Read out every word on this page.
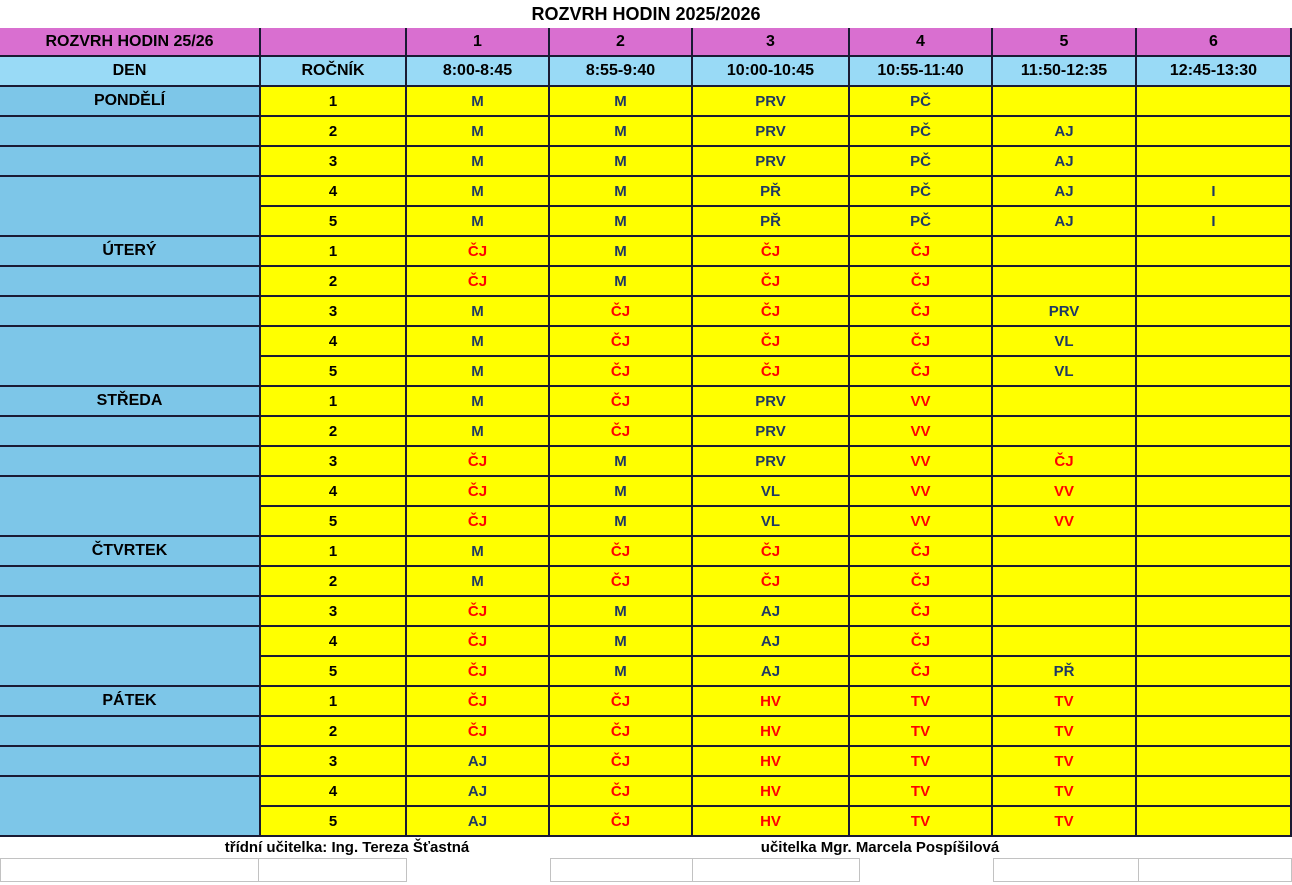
ROZVRH HODIN 2025/2026
ROZVRH HODIN 25/26	1	2	3	4	5	6
DEN	ROČNÍK	8:00-8:45	8:55-9:40	10:00-10:45	10:55-11:40	11:50-12:35	12:45-13:30
PONDĚLÍ	1	M	M	PRV	PČ
2	M	M	PRV	PČ	AJ
3	M	M	PRV	PČ	AJ
4	M	M	PŘ	PČ	AJ	I
5	M	M	PŘ	PČ	AJ	I
ÚTERÝ	1	ČJ	M	ČJ	ČJ
2	ČJ	M	ČJ	ČJ
3	M	ČJ	ČJ	ČJ	PRV
4	M	ČJ	ČJ	ČJ	VL
5	M	ČJ	ČJ	ČJ	VL
STŘEDA	1	M	ČJ	PRV	VV
2	M	ČJ	PRV	VV
3	ČJ	M	PRV	VV	ČJ
4	ČJ	M	VL	VV	VV
5	ČJ	M	VL	VV	VV
ČTVRTEK	1	M	ČJ	ČJ	ČJ
2	M	ČJ	ČJ	ČJ
3	ČJ	M	AJ	ČJ
4	ČJ	M	AJ	ČJ
5	ČJ	M	AJ	ČJ	PŘ
PÁTEK	1	ČJ	ČJ	HV	TV	TV
2	ČJ	ČJ	HV	TV	TV
3	AJ	ČJ	HV	TV	TV
4	AJ	ČJ	HV	TV	TV
5	AJ	ČJ	HV	TV	TV
třídní učitelka: Ing. Tereza Šťastná	učitelka Mgr. Marcela Pospíšilová
